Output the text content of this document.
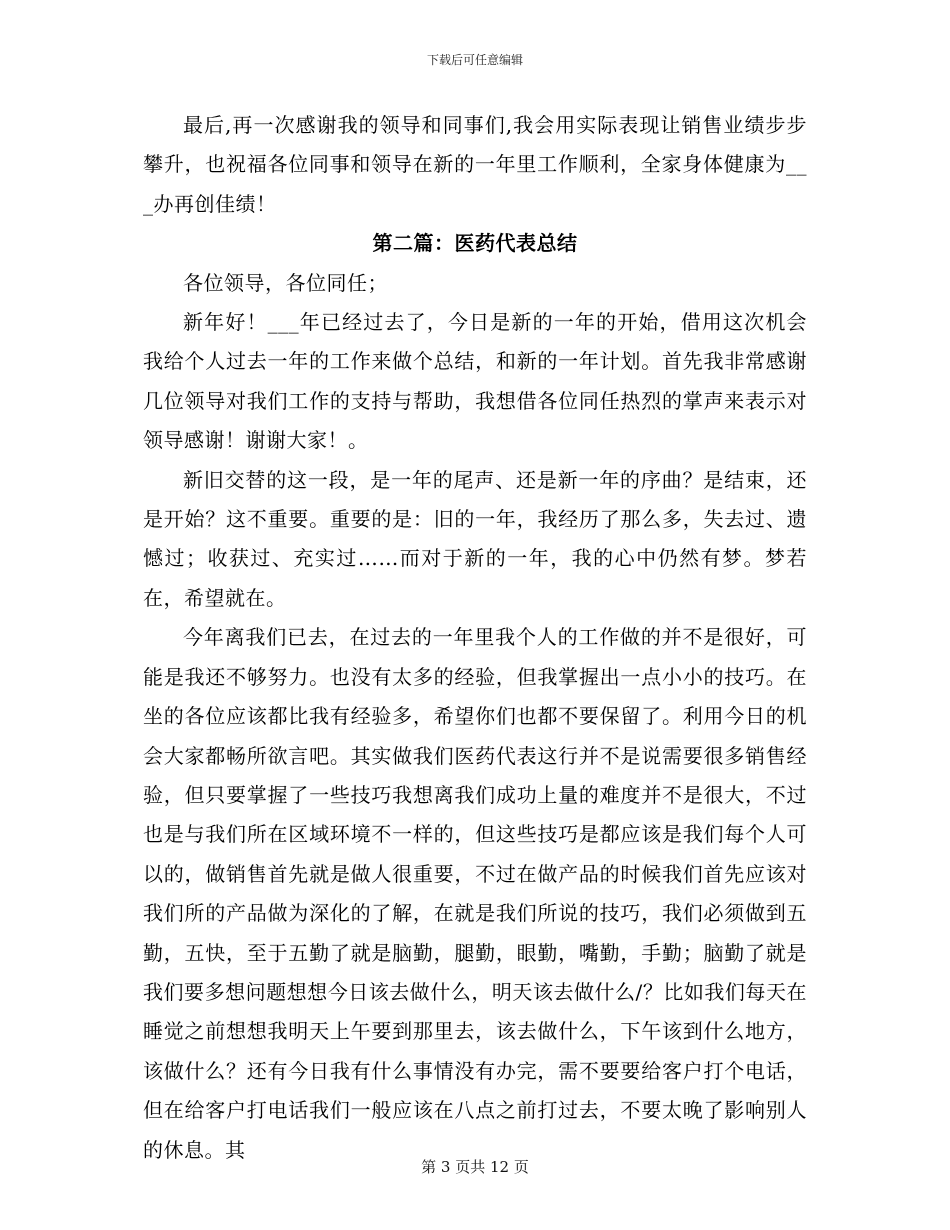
下载后可任意编辑

最后,再一次感谢我的领导和同事们,我会用实际表现让销售业绩步步攀升，也祝福各位同事和领导在新的一年里工作顺利，全家身体健康为___办再创佳绩！

第二篇：医药代表总结

各位领导，各位同任；

新年好！___年已经过去了，今日是新的一年的开始，借用这次机会我给个人过去一年的工作来做个总结，和新的一年计划。首先我非常感谢几位领导对我们工作的支持与帮助，我想借各位同任热烈的掌声来表示对领导感谢！谢谢大家！。

新旧交替的这一段，是一年的尾声、还是新一年的序曲？是结束，还是开始？这不重要。重要的是：旧的一年，我经历了那么多，失去过、遗憾过；收获过、充实过……而对于新的一年，我的心中仍然有梦。梦若在，希望就在。

今年离我们已去，在过去的一年里我个人的工作做的并不是很好，可能是我还不够努力。也没有太多的经验，但我掌握出一点小小的技巧。在坐的各位应该都比我有经验多，希望你们也都不要保留了。利用今日的机会大家都畅所欲言吧。其实做我们医药代表这行并不是说需要很多销售经验，但只要掌握了一些技巧我想离我们成功上量的难度并不是很大，不过也是与我们所在区域环境不一样的，但这些技巧是都应该是我们每个人可以的，做销售首先就是做人很重要，不过在做产品的时候我们首先应该对我们所的产品做为深化的了解，在就是我们所说的技巧，我们必须做到五勤，五快，至于五勤了就是脑勤，腿勤，眼勤，嘴勤，手勤；脑勤了就是我们要多想问题想想今日该去做什么，明天该去做什么/？比如我们每天在睡觉之前想想我明天上午要到那里去，该去做什么，下午该到什么地方，该做什么？还有今日我有什么事情没有办完，需不要要给客户打个电话，但在给客户打电话我们一般应该在八点之前打过去，不要太晚了影响别人的休息。其

第 3 页共 12 页
